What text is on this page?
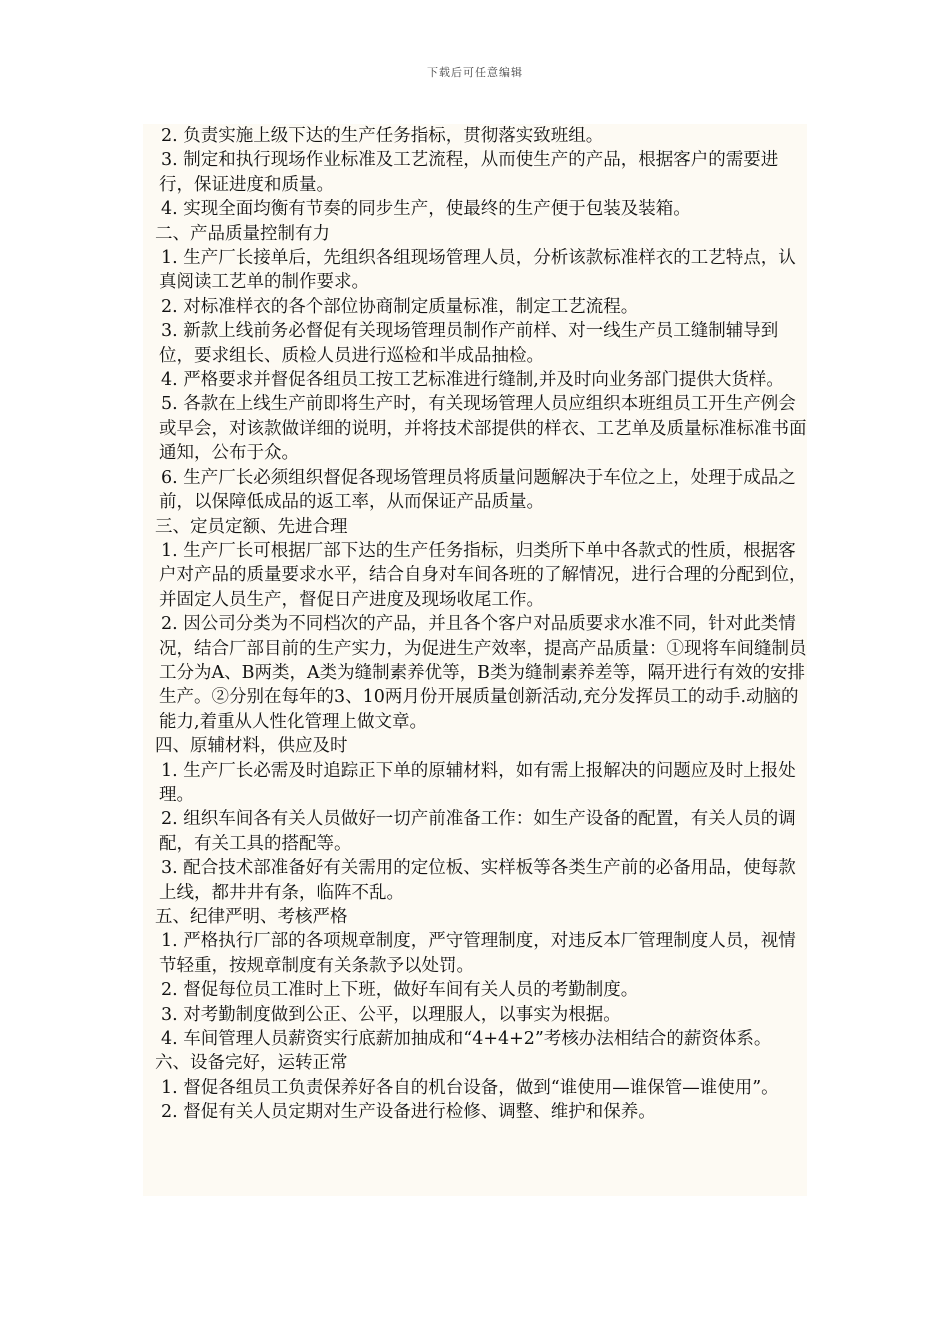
下载后可任意编辑

2. 负责实施上级下达的生产任务指标，贯彻落实致班组。

3. 制定和执行现场作业标准及工艺流程，从而使生产的产品，根据客户的需要进行，保证进度和质量。

4. 实现全面均衡有节奏的同步生产，使最终的生产便于包装及装箱。

二、产品质量控制有力

1. 生产厂长接单后，先组织各组现场管理人员，分析该款标准样衣的工艺特点，认真阅读工艺单的制作要求。

2. 对标准样衣的各个部位协商制定质量标准，制定工艺流程。

3. 新款上线前务必督促有关现场管理员制作产前样、对一线生产员工缝制辅导到位，要求组长、质检人员进行巡检和半成品抽检。

4. 严格要求并督促各组员工按工艺标准进行缝制,并及时向业务部门提供大货样。

5. 各款在上线生产前即将生产时，有关现场管理人员应组织本班组员工开生产例会或早会，对该款做详细的说明，并将技术部提供的样衣、工艺单及质量标准标准书面通知，公布于众。

6. 生产厂长必须组织督促各现场管理员将质量问题解决于车位之上，处理于成品之前，以保障低成品的返工率，从而保证产品质量。

三、定员定额、先进合理

1. 生产厂长可根据厂部下达的生产任务指标，归类所下单中各款式的性质，根据客户对产品的质量要求水平，结合自身对车间各班的了解情况，进行合理的分配到位，并固定人员生产，督促日产进度及现场收尾工作。

2. 因公司分类为不同档次的产品，并且各个客户对品质要求水准不同，针对此类情况，结合厂部目前的生产实力，为促进生产效率，提高产品质量：①现将车间缝制员工分为A、B两类，A类为缝制素养优等，B类为缝制素养差等，隔开进行有效的安排生产。②分别在每年的3、10两月份开展质量创新活动,充分发挥员工的动手.动脑的能力,着重从人性化管理上做文章。

四、原辅材料，供应及时

1. 生产厂长必需及时追踪正下单的原辅材料，如有需上报解决的问题应及时上报处理。

2. 组织车间各有关人员做好一切产前准备工作：如生产设备的配置，有关人员的调配，有关工具的搭配等。

3. 配合技术部准备好有关需用的定位板、实样板等各类生产前的必备用品，使每款上线，都井井有条，临阵不乱。

五、纪律严明、考核严格

1. 严格执行厂部的各项规章制度，严守管理制度，对违反本厂管理制度人员，视情节轻重，按规章制度有关条款予以处罚。

2. 督促每位员工准时上下班，做好车间有关人员的考勤制度。

3. 对考勤制度做到公正、公平，以理服人，以事实为根据。

4. 车间管理人员薪资实行底薪加抽成和“4+4+2”考核办法相结合的薪资体系。

六、设备完好，运转正常

1. 督促各组员工负责保养好各自的机台设备，做到“谁使用—谁保管—谁使用”。

2. 督促有关人员定期对生产设备进行检修、调整、维护和保养。
